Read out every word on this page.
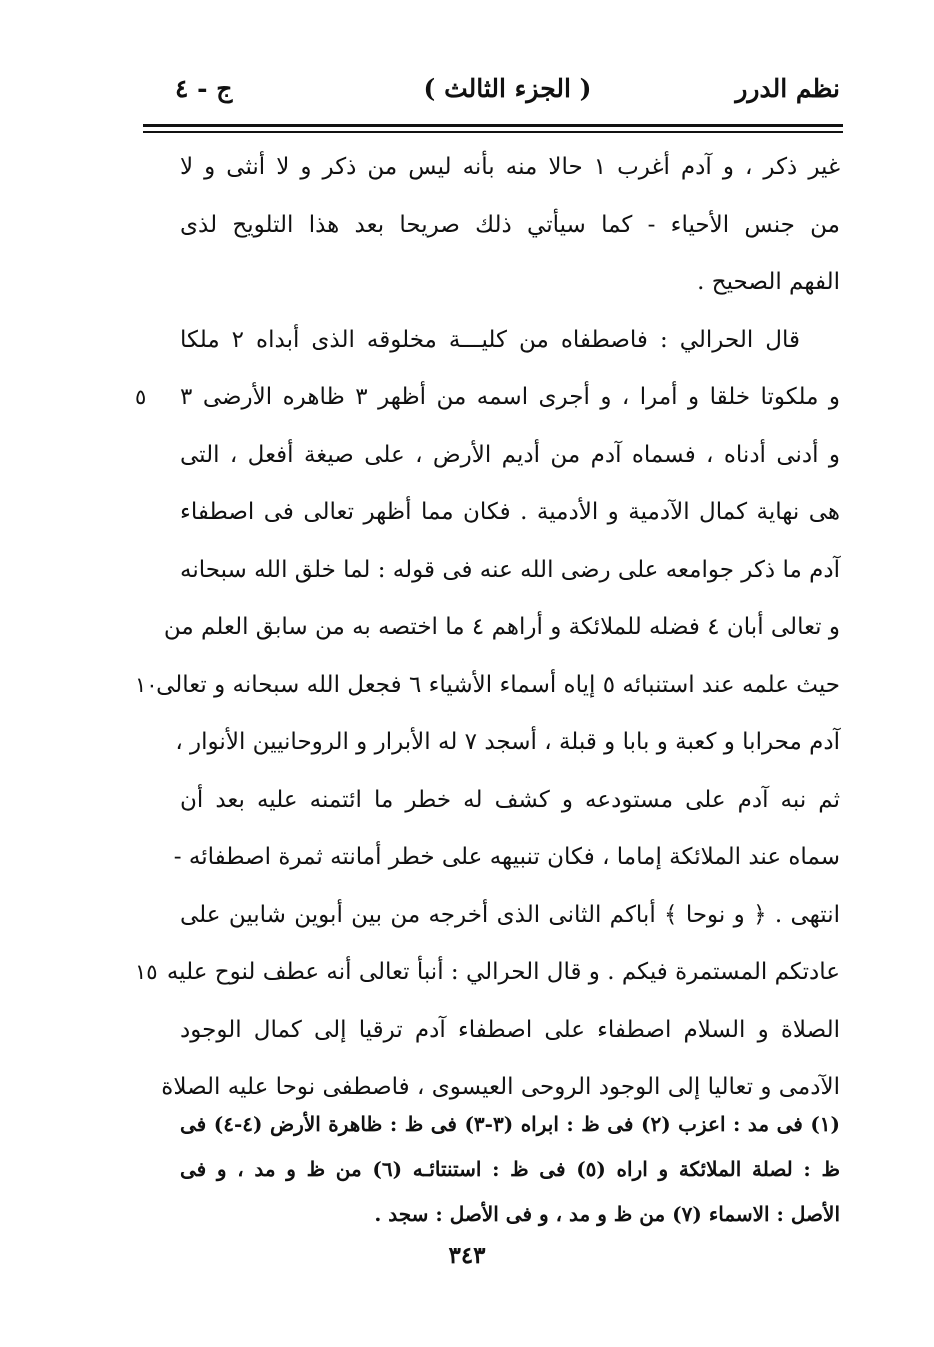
نظم الدرر
( الجزء الثالث )
ج - ٤
غير ذكر ، و آدم أغرب ١ حالا منه بأنه ليس من ذكر و لا أنثى و لا
من جنس الأحياء - كما سيأتي ذلك صريحا بعد هذا التلويح لذى
الفهم الصحيح .
قال الحرالي : فاصطفاه من كليـــة مخلوقه الذى أبداه ٢ ملكا
و ملكوتا خلقا و أمرا ، و أجرى اسمه من أظهر ٣ ظاهره الأرضى ٣
٥
و أدنى أدناه ، فسماه آدم من أديم الأرض ، على صيغة أفعل ، التى
هى نهاية كمال الآدمية و الأدمية . فكان مما أظهر تعالى فى اصطفاء
آدم ما ذكر جوامعه على رضى الله عنه فى قوله : لما خلق الله سبحانه
و تعالى أبان ٤ فضله للملائكة و أراهم ٤ ما اختصه به من سابق العلم من
حيث علمه عند استنبائه ٥ إياه أسماء الأشياء ٦ فجعل الله سبحانه و تعالى
١٠
آدم محرابا و كعبة و بابا و قبلة ، أسجد ٧ له الأبرار و الروحانيين الأنوار ،
ثم نبه آدم على مستودعه و كشف له خطر ما ائتمنه عليه بعد أن
سماه عند الملائكة إماما ، فكان تنبيهه على خطر أمانته ثمرة اصطفائه -
انتهى . ﴿ و نوحا ﴾ أباكم الثانى الذى أخرجه من بين أبوين شابين على
عادتكم المستمرة فيكم . و قال الحرالي : أنبأ تعالى أنه عطف لنوح عليه
١٥
الصلاة و السلام اصطفاء على اصطفاء آدم ترقيا إلى كمال الوجود
الآدمى و تعاليا إلى الوجود الروحى العيسوى ، فاصطفى نوحا عليه الصلاة
(١) فى مد : اعزب (٢) فى ظ : ابراه (٣-٣) فى ظ : ظاهرة الأرض (٤-٤) فى
ظ : لصلة الملائكة و اراه (٥) فى ظ : استنتائـه (٦) من ظ و مد ، و فى
الأصل : الاسماء (٧) من ظ و مد ، و فى الأصل : سجد .
٣٤٣
